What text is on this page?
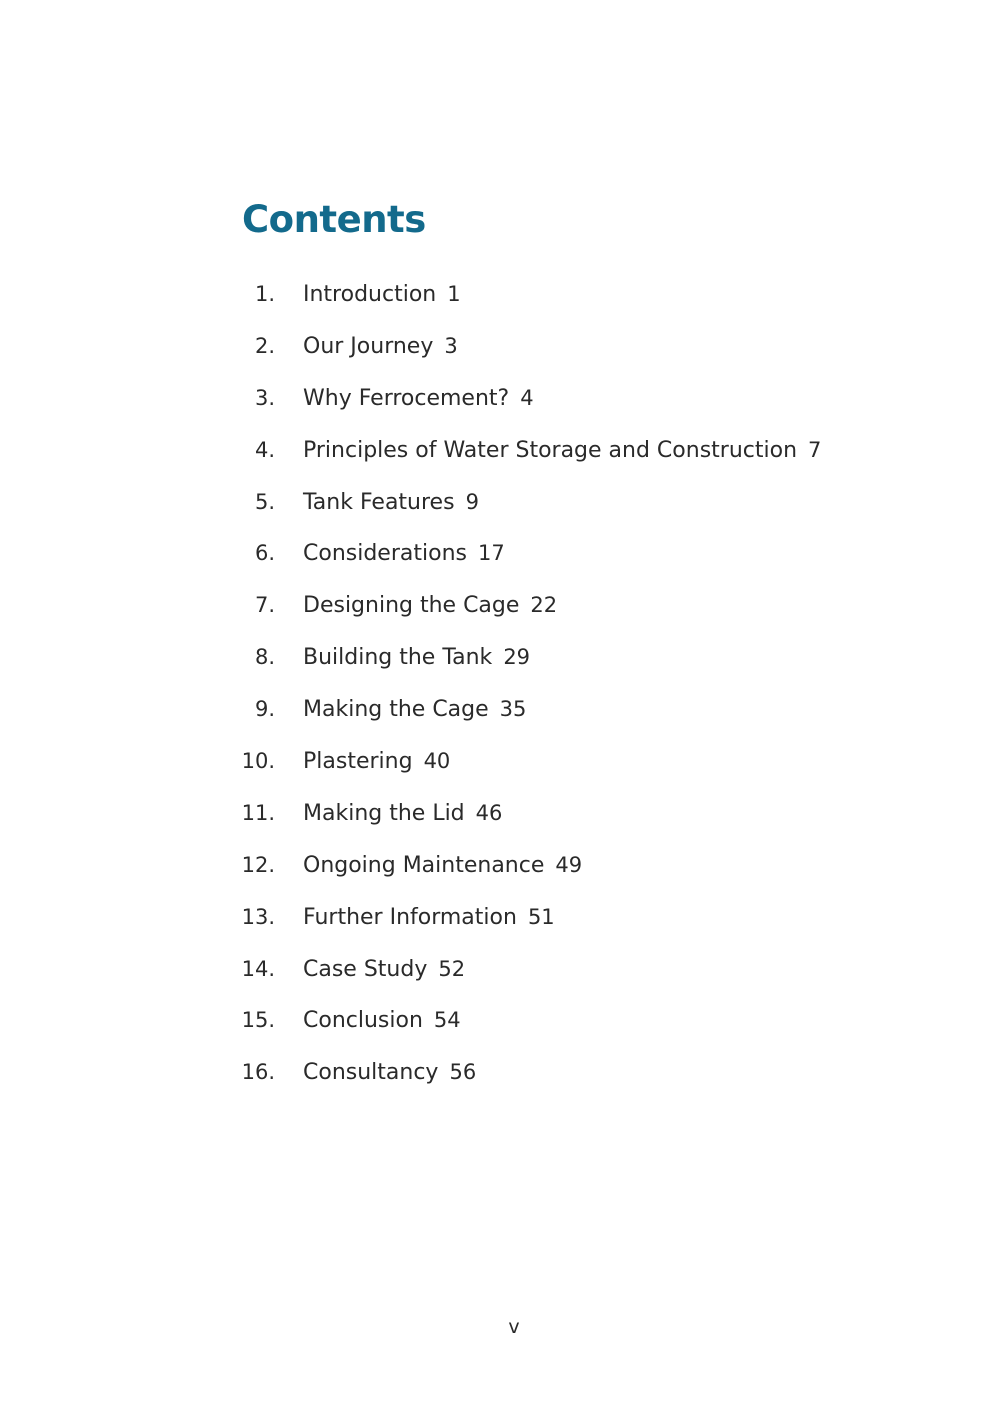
Contents
1. Introduction 1
2. Our Journey 3
3. Why Ferrocement? 4
4. Principles of Water Storage and Construction 7
5. Tank Features 9
6. Considerations 17
7. Designing the Cage 22
8. Building the Tank 29
9. Making the Cage 35
10. Plastering 40
11. Making the Lid 46
12. Ongoing Maintenance 49
13. Further Information 51
14. Case Study 52
15. Conclusion 54
16. Consultancy 56
v
